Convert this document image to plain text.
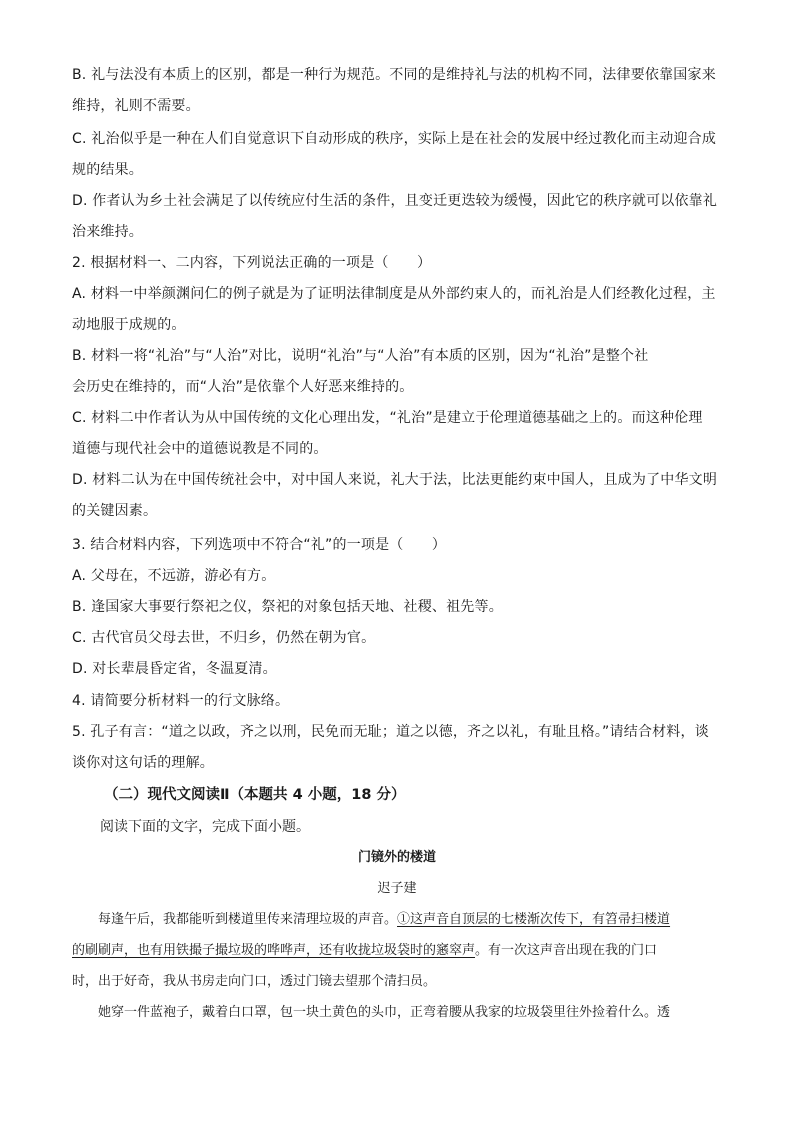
B. 礼与法没有本质上的区别，都是一种行为规范。不同的是维持礼与法的机构不同，法律要依靠国家来
维持，礼则不需要。
C. 礼治似乎是一种在人们自觉意识下自动形成的秩序，实际上是在社会的发展中经过教化而主动迎合成
规的结果。
D. 作者认为乡土社会满足了以传统应付生活的条件，且变迁更迭较为缓慢，因此它的秩序就可以依靠礼
治来维持。
2. 根据材料一、二内容，下列说法正确的一项是（　　）
A. 材料一中举颜渊问仁的例子就是为了证明法律制度是从外部约束人的，而礼治是人们经教化过程，主
动地服于成规的。
B. 材料一将“礼治”与“人治”对比，说明“礼治”与“人治”有本质的区别，因为“礼治”是整个社
会历史在维持的，而“人治”是依靠个人好恶来维持的。
C. 材料二中作者认为从中国传统的文化心理出发，“礼治”是建立于伦理道德基础之上的。而这种伦理
道德与现代社会中的道德说教是不同的。
D. 材料二认为在中国传统社会中，对中国人来说，礼大于法，比法更能约束中国人，且成为了中华文明
的关键因素。
3. 结合材料内容，下列选项中不符合“礼”的一项是（　　）
A. 父母在，不远游，游必有方。
B. 逢国家大事要行祭祀之仪，祭祀的对象包括天地、社稷、祖先等。
C. 古代官员父母去世，不归乡，仍然在朝为官。
D. 对长辈晨昏定省，冬温夏清。
4. 请简要分析材料一的行文脉络。
5. 孔子有言：“道之以政，齐之以刑，民免而无耻；道之以德，齐之以礼，有耻且格。”请结合材料，谈
谈你对这句话的理解。
（二）现代文阅读Ⅱ（本题共 4 小题，18 分）
阅读下面的文字，完成下面小题。
门镜外的楼道
迟子建
　　每逢午后，我都能听到楼道里传来清理垃圾的声音。①这声音自顶层的七楼渐次传下，有笤帚扫楼道
的刷刷声，也有用铁撮子撮垃圾的哗哗声，还有收拢垃圾袋时的窸窣声。有一次这声音出现在我的门口
时，出于好奇，我从书房走向门口，透过门镜去望那个清扫员。
　　她穿一件蓝袍子，戴着白口罩，包一块土黄色的头巾，正弯着腰从我家的垃圾袋里往外捡着什么。透
